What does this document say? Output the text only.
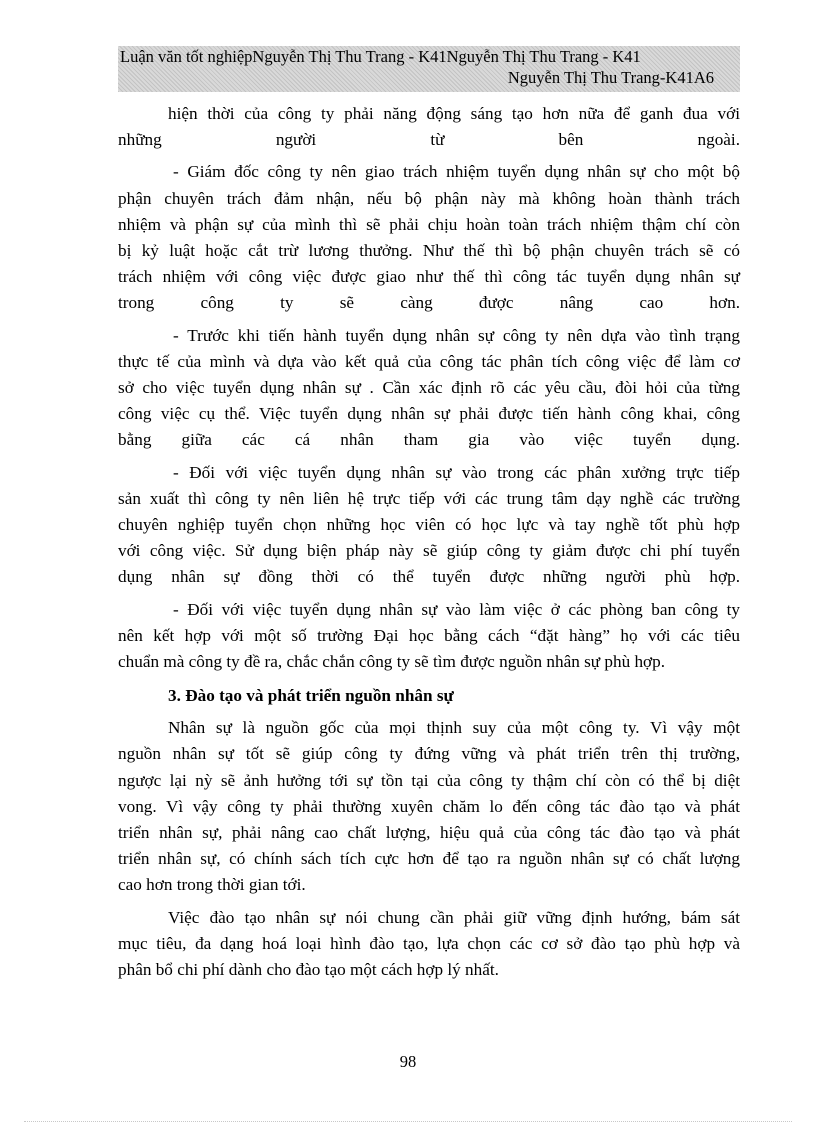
Luận văn tốt nghiệpNguyễn Thị Thu Trang - K41Nguyễn Thị Thu Trang - K41
Nguyễn Thị Thu Trang-K41A6
hiện thời của công ty phải năng động sáng tạo hơn nữa để ganh đua với
những người từ bên ngoài.
- Giám đốc công ty nên giao trách nhiệm tuyển dụng nhân sự cho một bộ
phận chuyên trách đảm nhận, nếu bộ phận này mà không hoàn thành trách
nhiệm và phận sự của mình thì sẽ phải chịu hoàn toàn trách nhiệm thậm chí còn
bị kỷ luật hoặc cắt trừ lương thưởng. Như thế thì bộ phận chuyên trách sẽ có
trách nhiệm với công việc được giao như thế thì công tác tuyển dụng nhân sự
trong công ty sẽ càng được nâng cao hơn.
- Trước khi tiến hành tuyển dụng nhân sự công ty nên dựa vào tình trạng
thực tế của mình và dựa vào kết quả của công tác phân tích công việc để làm cơ
sở cho việc tuyển dụng nhân sự . Cần xác định rõ các yêu cầu, đòi hỏi của từng
công việc cụ thể. Việc tuyển dụng nhân sự phải được tiến hành công khai, công
bằng giữa các cá nhân tham gia vào việc tuyển dụng.
- Đối với việc tuyển dụng nhân sự vào trong các phân xưởng trực tiếp
sản xuất thì công ty nên liên hệ trực tiếp với các trung tâm dạy nghề các trường
chuyên nghiệp tuyển chọn những học viên có học lực và tay nghề tốt phù hợp
với công việc. Sử dụng biện pháp này sẽ giúp công ty giảm được chi phí tuyển
dụng nhân sự đồng thời có thể tuyển được những người phù hợp.
- Đối với việc tuyển dụng nhân sự vào làm việc ở các phòng ban công ty
nên kết hợp với một số trường Đại học bằng cách “đặt hàng” họ với các tiêu
chuẩn mà công ty đề ra, chắc chắn công ty sẽ tìm được nguồn nhân sự phù hợp.
3. Đào tạo và phát triển nguồn nhân sự
Nhân sự là nguồn gốc của mọi thịnh suy của một công ty. Vì vậy một
nguồn nhân sự tốt sẽ giúp công ty đứng vững và phát triển trên thị trường,
ngược lại nỳ sẽ ảnh hưởng tới sự tồn tại của công ty thậm chí còn có thể bị diệt
vong. Vì vậy công ty phải thường xuyên chăm lo đến công tác đào tạo và phát
triển nhân sự, phải nâng cao chất lượng, hiệu quả của công tác đào tạo và phát
triển nhân sự, có chính sách tích cực hơn để tạo ra nguồn nhân sự có chất lượng
cao hơn trong thời gian tới.
Việc đào tạo nhân sự nói chung cần phải giữ vững định hướng, bám sát
mục tiêu, đa dạng hoá loại hình đào tạo, lựa chọn các cơ sở đào tạo phù hợp và
phân bổ chi phí dành cho đào tạo một cách hợp lý nhất.
98
